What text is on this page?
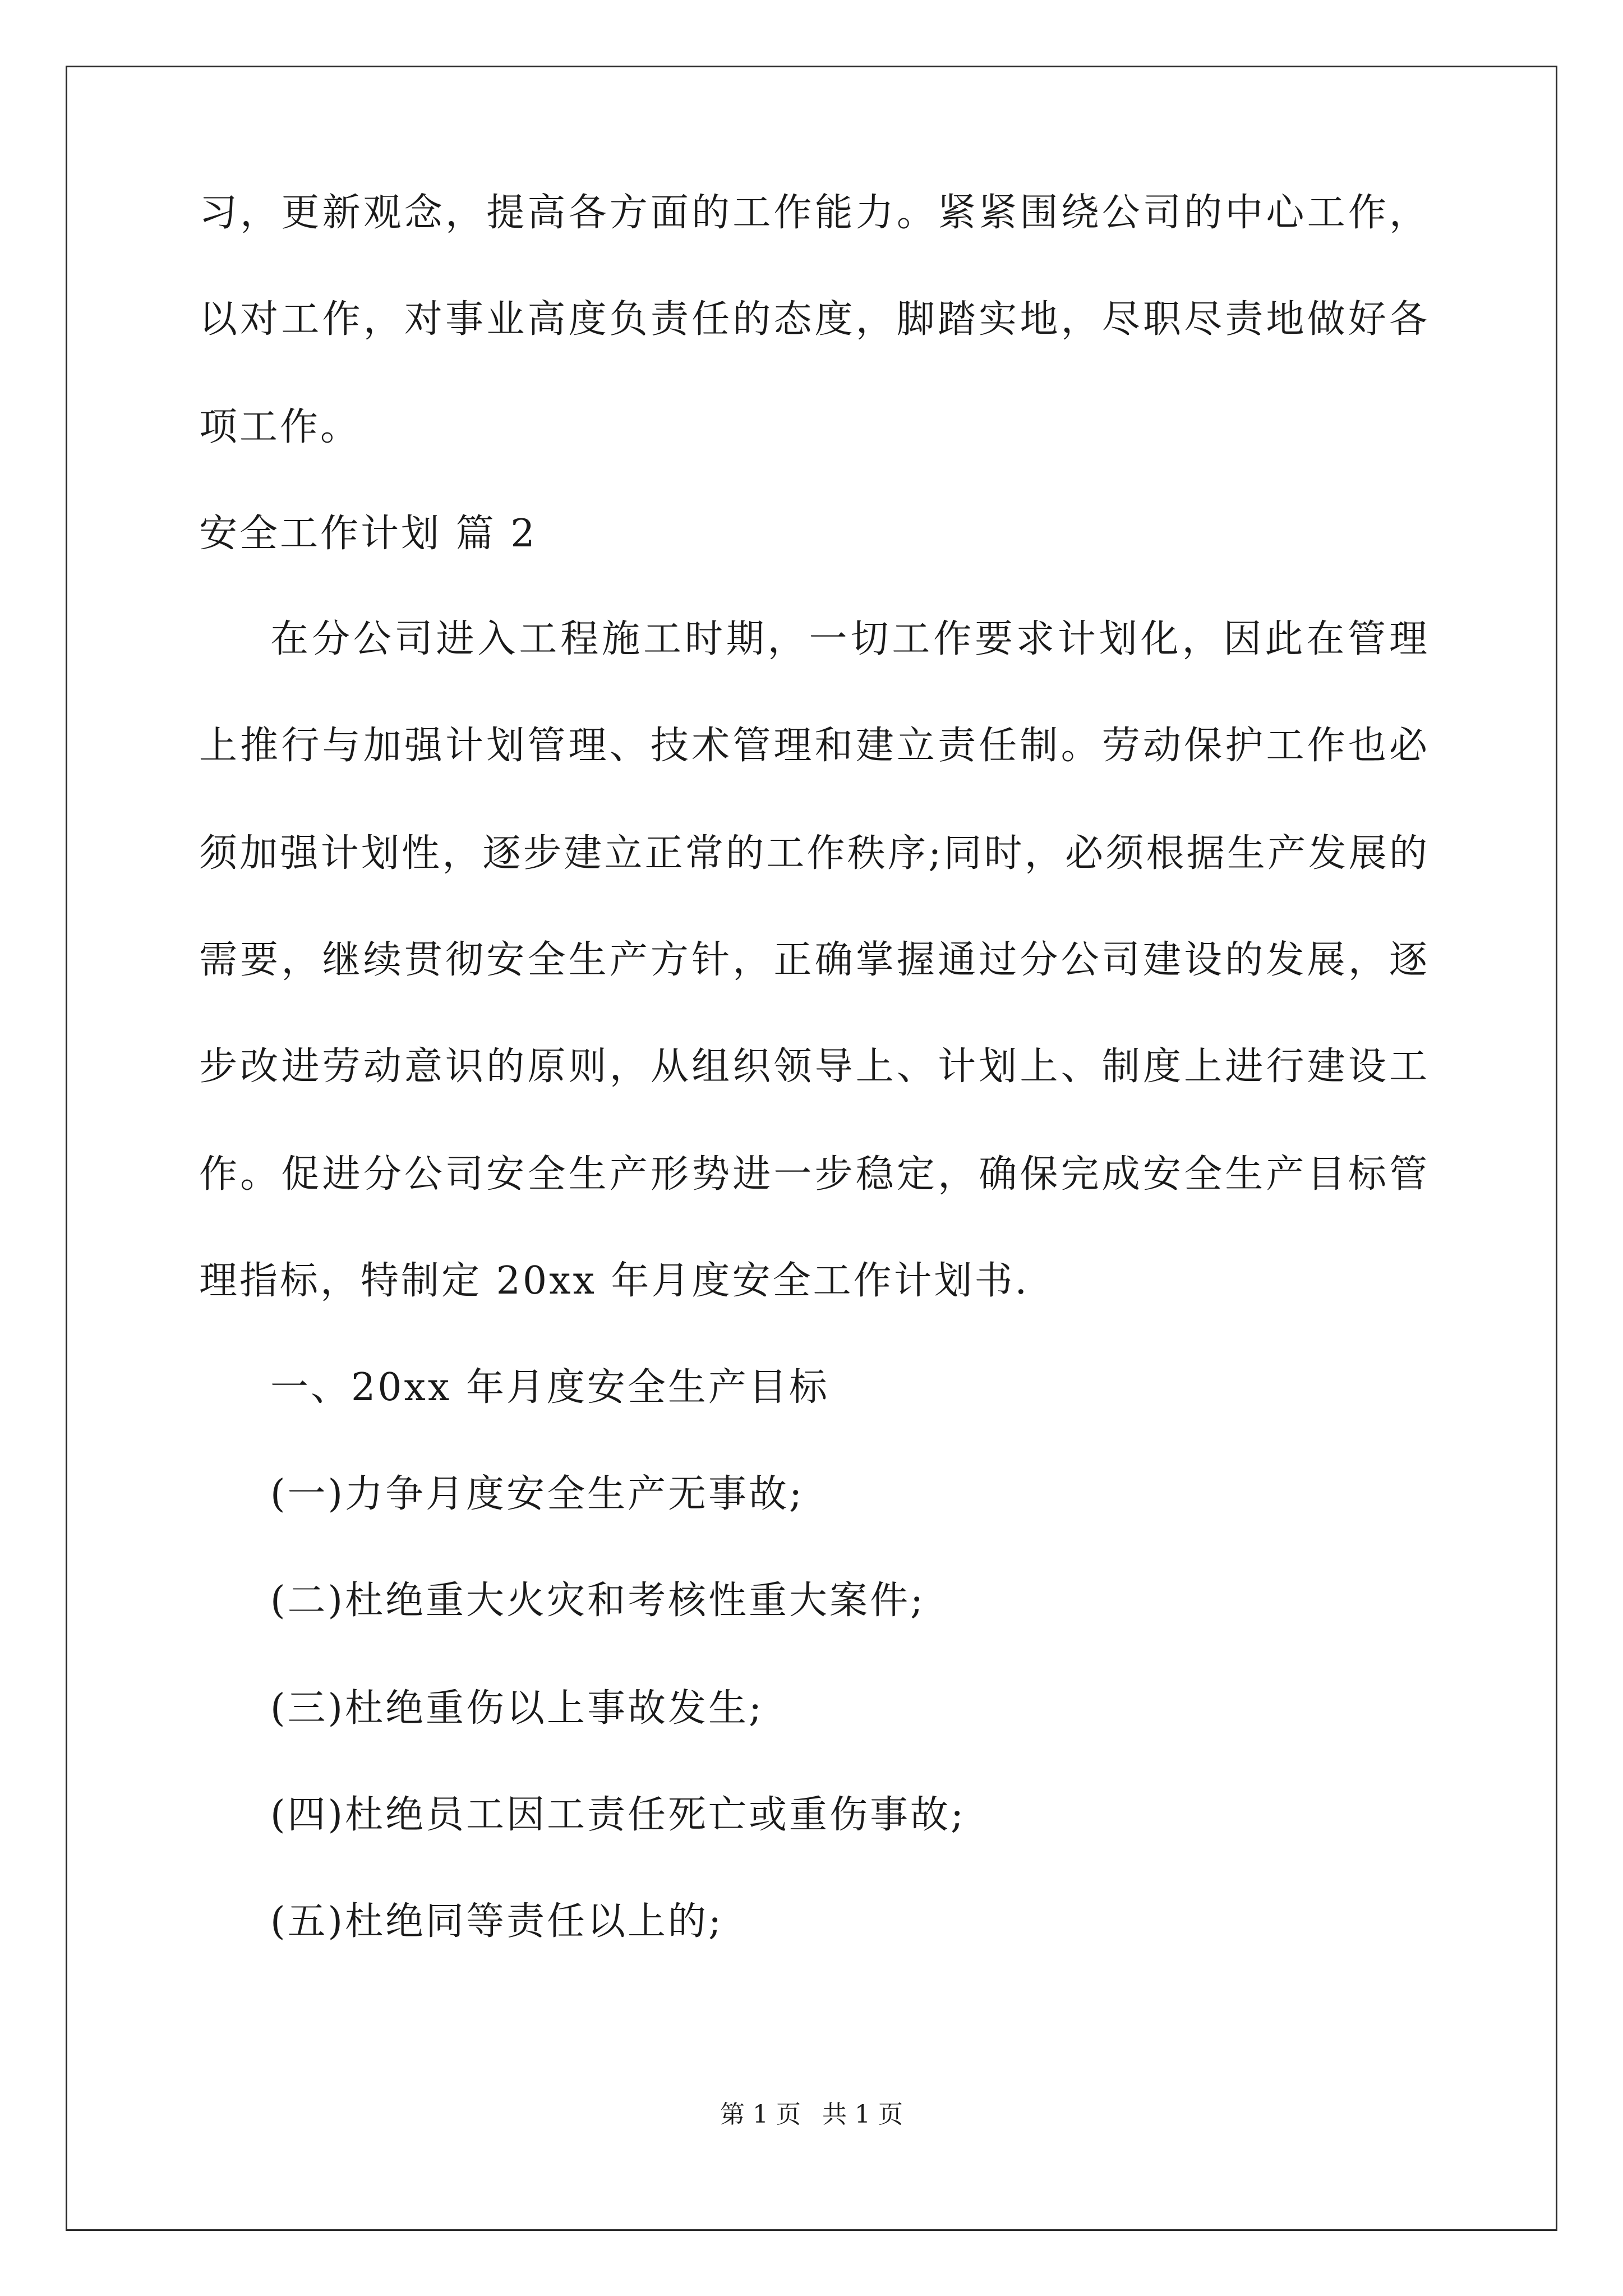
习，更新观念，提高各方面的工作能力。紧紧围绕公司的中心工作，
以对工作，对事业高度负责任的态度，脚踏实地，尽职尽责地做好各
项工作。
安全工作计划 篇 2
在分公司进入工程施工时期，一切工作要求计划化，因此在管理
上推行与加强计划管理、技术管理和建立责任制。劳动保护工作也必
须加强计划性，逐步建立正常的工作秩序;同时，必须根据生产发展的
需要，继续贯彻安全生产方针，正确掌握通过分公司建设的发展，逐
步改进劳动意识的原则，从组织领导上、计划上、制度上进行建设工
作。促进分公司安全生产形势进一步稳定，确保完成安全生产目标管
理指标，特制定 20xx 年月度安全工作计划书.
一、20xx 年月度安全生产目标
(一)力争月度安全生产无事故;
(二)杜绝重大火灾和考核性重大案件;
(三)杜绝重伤以上事故发生;
(四)杜绝员工因工责任死亡或重伤事故;
(五)杜绝同等责任以上的;
第 1 页 共 1 页
